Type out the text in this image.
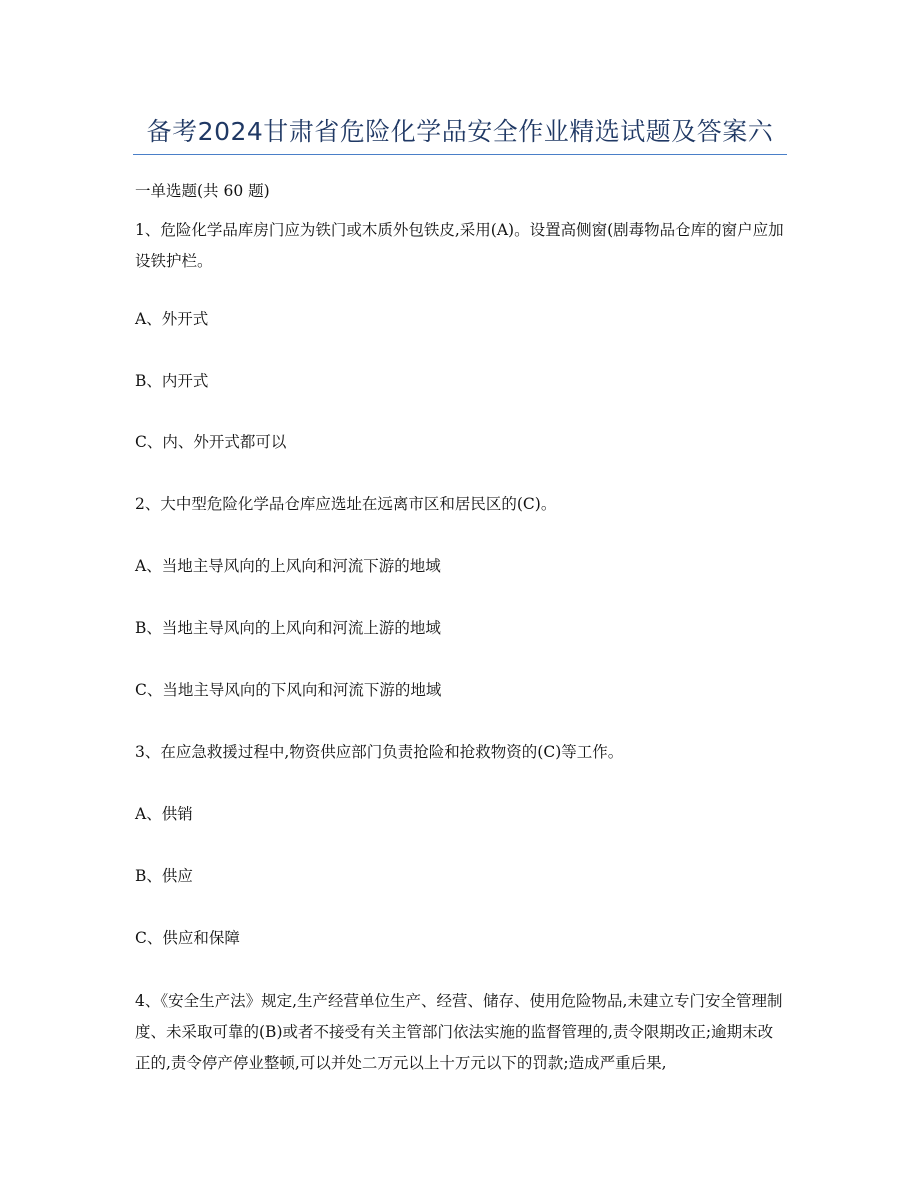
备考2024甘肃省危险化学品安全作业精选试题及答案六
一单选题(共 60 题)
1、危险化学品库房门应为铁门或木质外包铁皮,采用(A)。设置高侧窗(剧毒物品仓库的窗户应加设铁护栏。
A、外开式
B、内开式
C、内、外开式都可以
2、大中型危险化学品仓库应选址在远离市区和居民区的(C)。
A、当地主导风向的上风向和河流下游的地域
B、当地主导风向的上风向和河流上游的地域
C、当地主导风向的下风向和河流下游的地域
3、在应急救援过程中,物资供应部门负责抢险和抢救物资的(C)等工作。
A、供销
B、供应
C、供应和保障
4、《安全生产法》规定,生产经营单位生产、经营、储存、使用危险物品,未建立专门安全管理制度、未采取可靠的(B)或者不接受有关主管部门依法实施的监督管理的,责令限期改正;逾期末改正的,责令停产停业整顿,可以并处二万元以上十万元以下的罚款;造成严重后果,
